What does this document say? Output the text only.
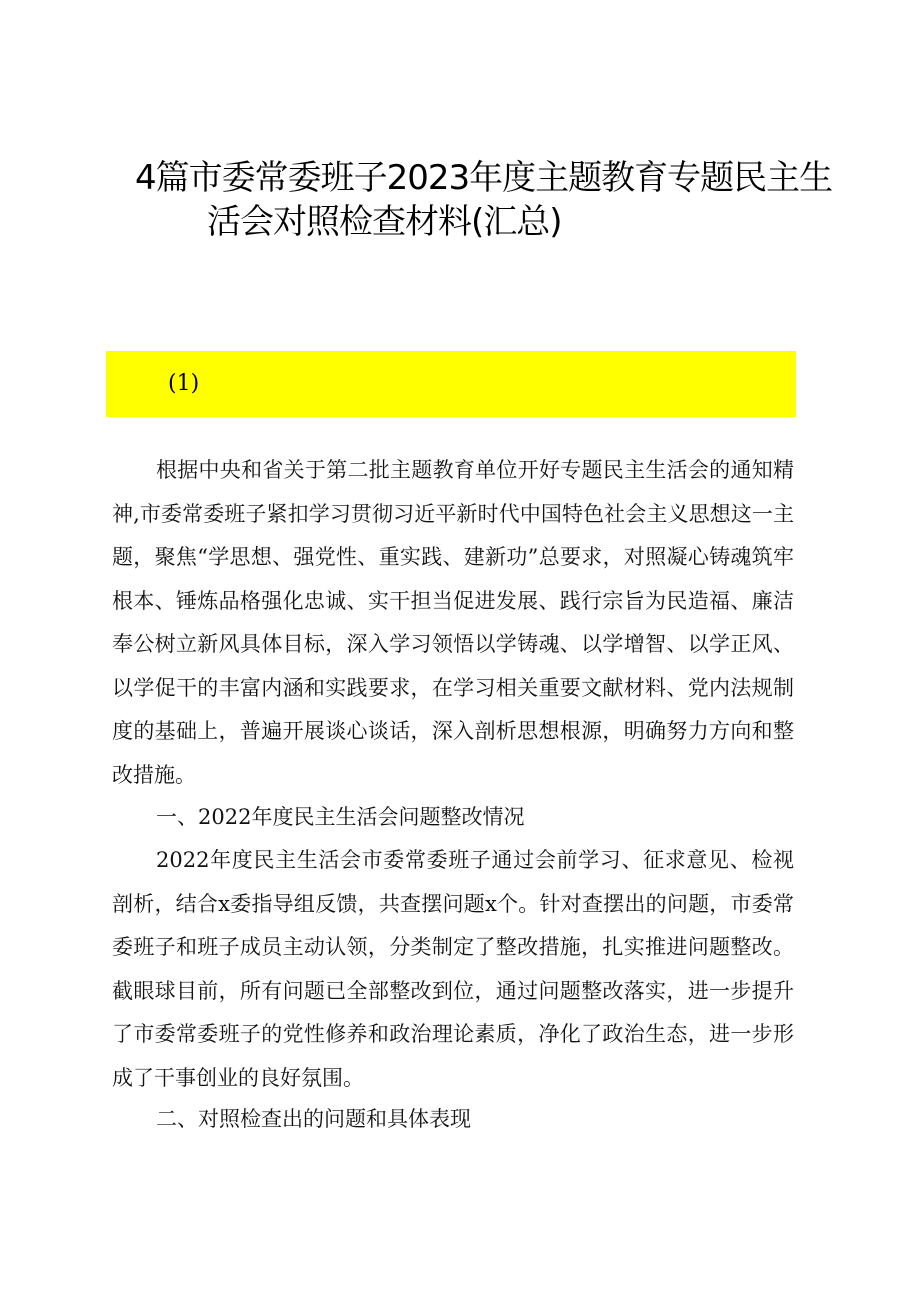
4篇市委常委班子2023年度主题教育专题民主生
活会对照检查材料(汇总)
(1)

根据中央和省关于第二批主题教育单位开好专题民主生活会的通知精神,市委常委班子紧扣学习贯彻习近平新时代中国特色社会主义思想这一主题，聚焦“学思想、强党性、重实践、建新功”总要求，对照凝心铸魂筑牢根本、锤炼品格强化忠诚、实干担当促进发展、践行宗旨为民造福、廉洁奉公树立新风具体目标，深入学习领悟以学铸魂、以学增智、以学正风、以学促干的丰富内涵和实践要求，在学习相关重要文献材料、党内法规制度的基础上，普遍开展谈心谈话，深入剖析思想根源，明确努力方向和整改措施。

一、2022年度民主生活会问题整改情况

2022年度民主生活会市委常委班子通过会前学习、征求意见、检视剖析，结合x委指导组反馈，共查摆问题x个。针对查摆出的问题，市委常委班子和班子成员主动认领，分类制定了整改措施，扎实推进问题整改。截眼球目前，所有问题已全部整改到位，通过问题整改落实，进一步提升了市委常委班子的党性修养和政治理论素质，净化了政治生态，进一步形成了干事创业的良好氛围。

二、对照检查出的问题和具体表现
